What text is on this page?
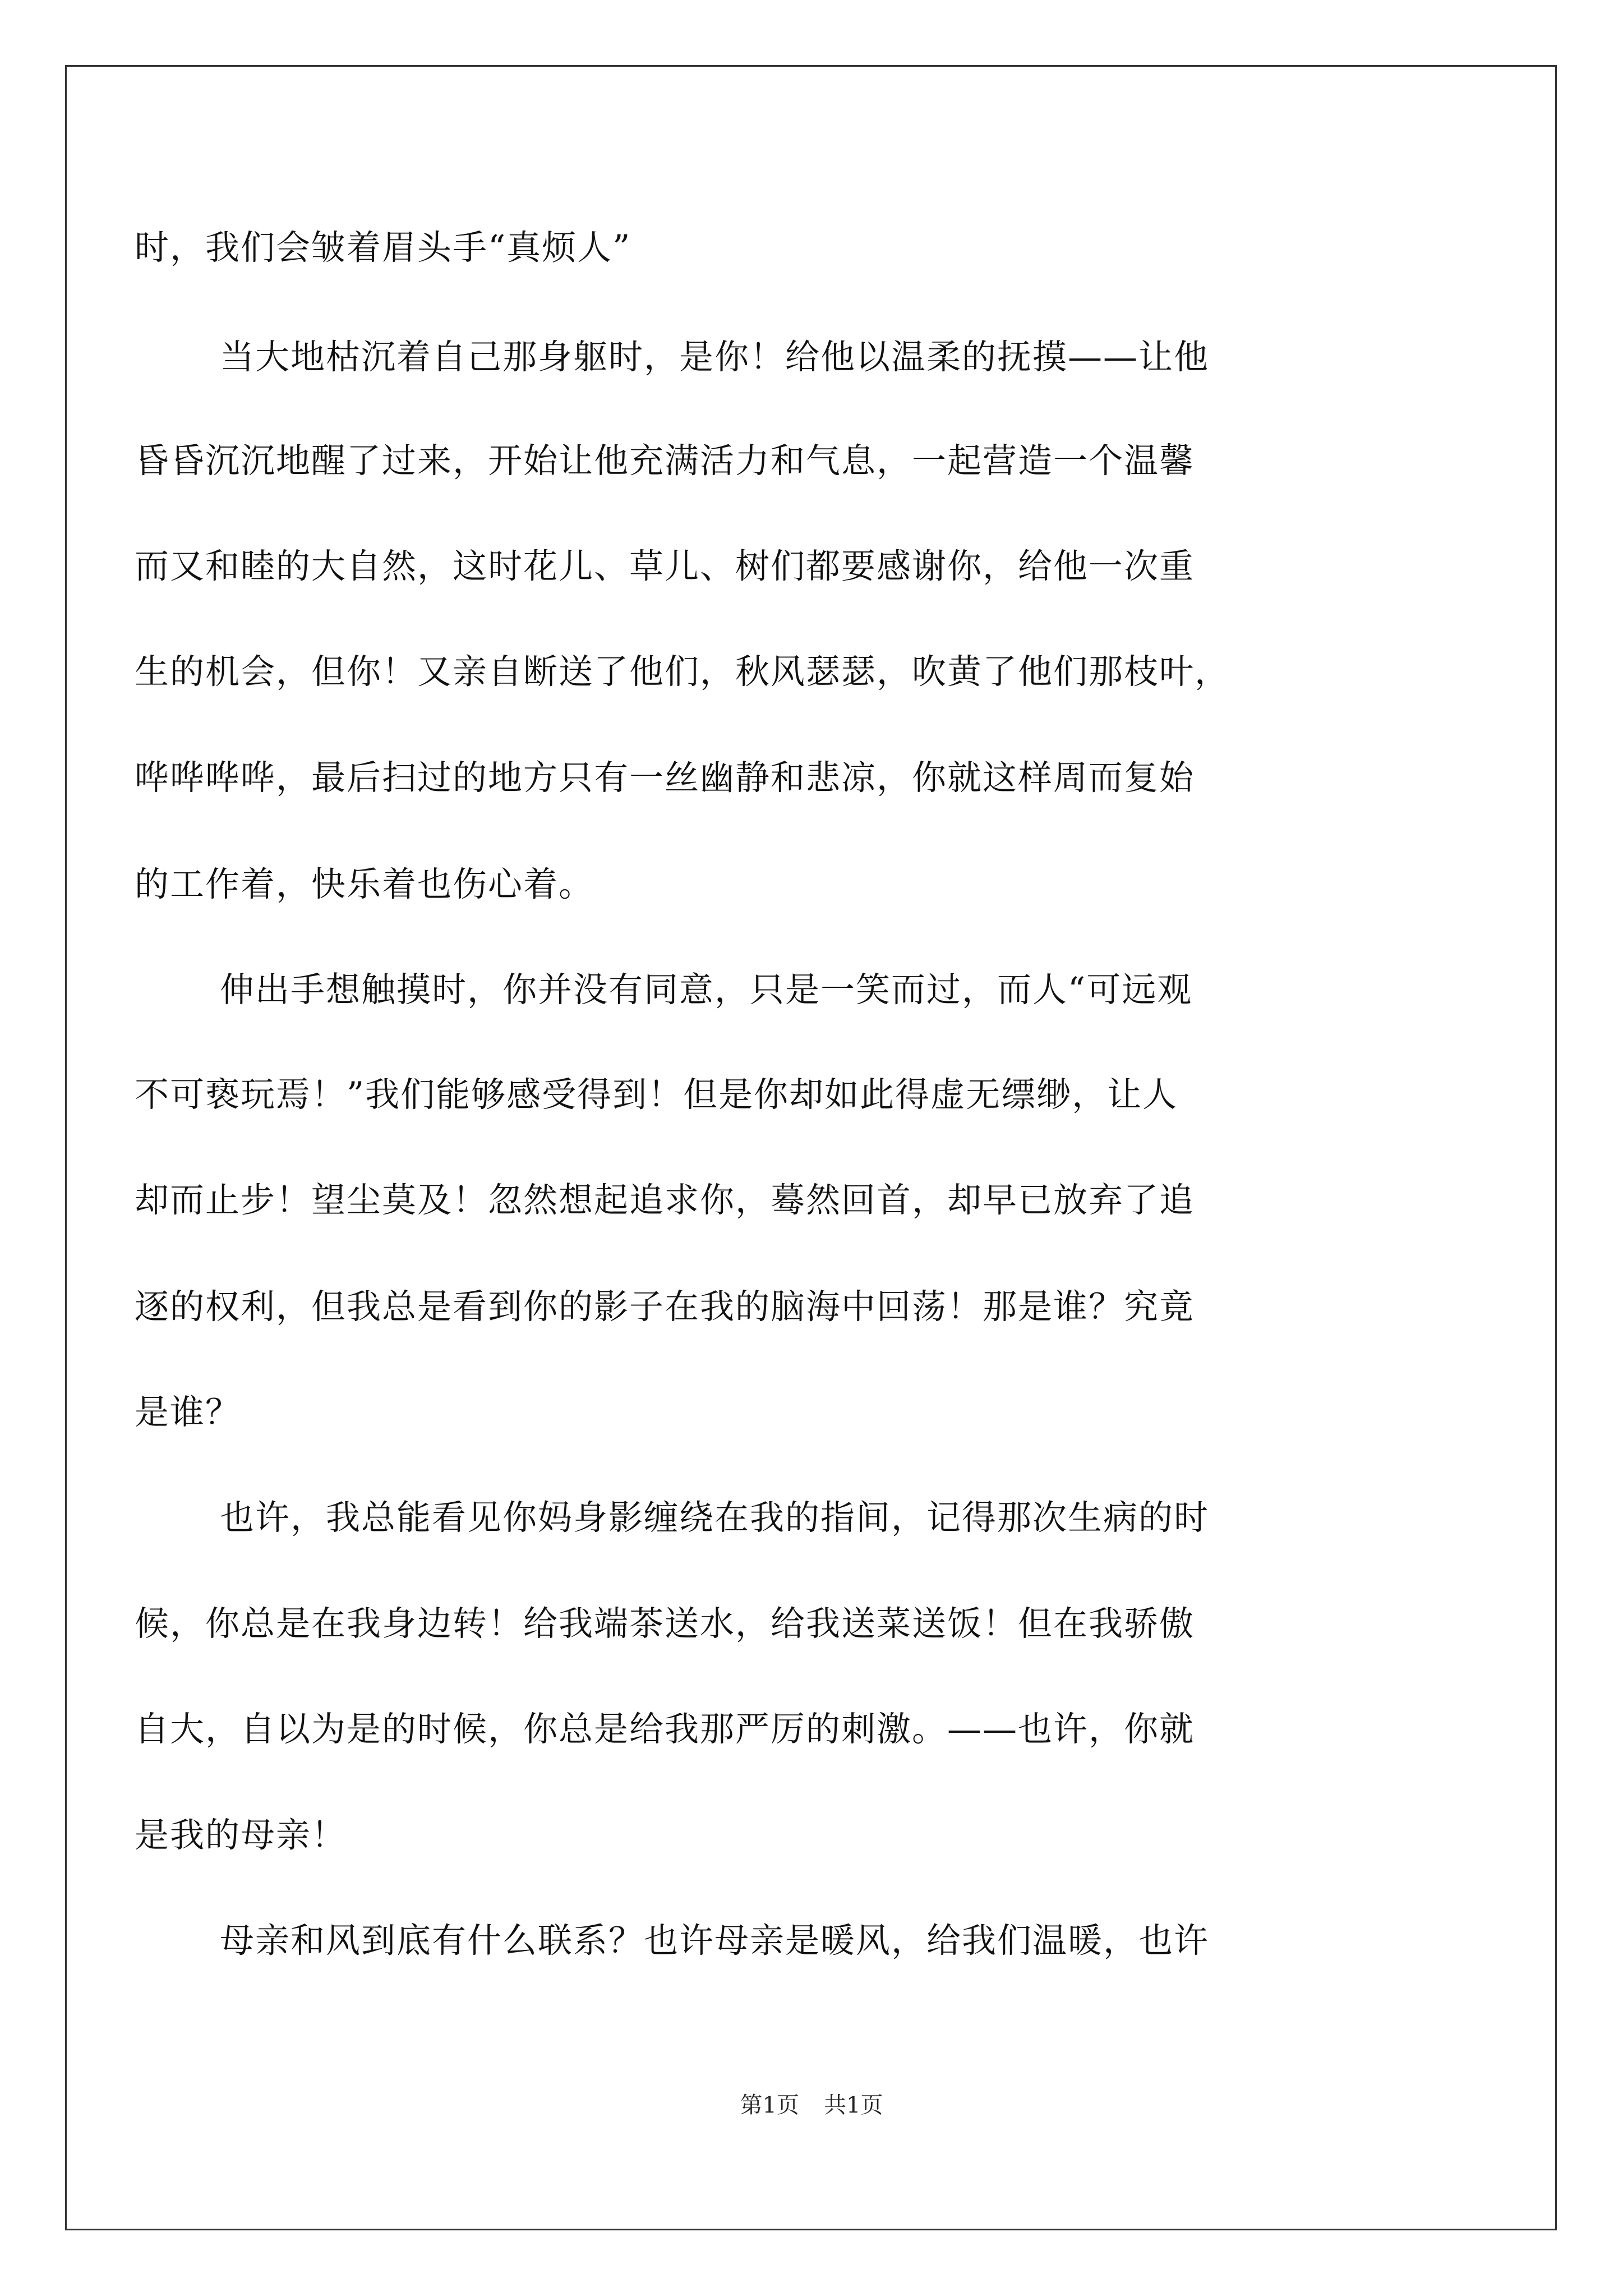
时，我们会皱着眉头手“真烦人”
当大地枯沉着自己那身躯时，是你！给他以温柔的抚摸——让他
昏昏沉沉地醒了过来，开始让他充满活力和气息，一起营造一个温馨
而又和睦的大自然，这时花儿、草儿、树们都要感谢你，给他一次重
生的机会，但你！又亲自断送了他们，秋风瑟瑟，吹黄了他们那枝叶，
哗哗哗哗，最后扫过的地方只有一丝幽静和悲凉，你就这样周而复始
的工作着，快乐着也伤心着。
伸出手想触摸时，你并没有同意，只是一笑而过，而人“可远观
不可亵玩焉！”我们能够感受得到！但是你却如此得虚无缥缈，让人
却而止步！望尘莫及！忽然想起追求你，蓦然回首，却早已放弃了追
逐的权利，但我总是看到你的影子在我的脑海中回荡！那是谁？究竟
是谁？
也许，我总能看见你妈身影缠绕在我的指间，记得那次生病的时
候，你总是在我身边转！给我端茶送水，给我送菜送饭！但在我骄傲
自大，自以为是的时候，你总是给我那严厉的刺激。——也许，你就
是我的母亲！
母亲和风到底有什么联系？也许母亲是暖风，给我们温暖，也许
第1页 共1页
